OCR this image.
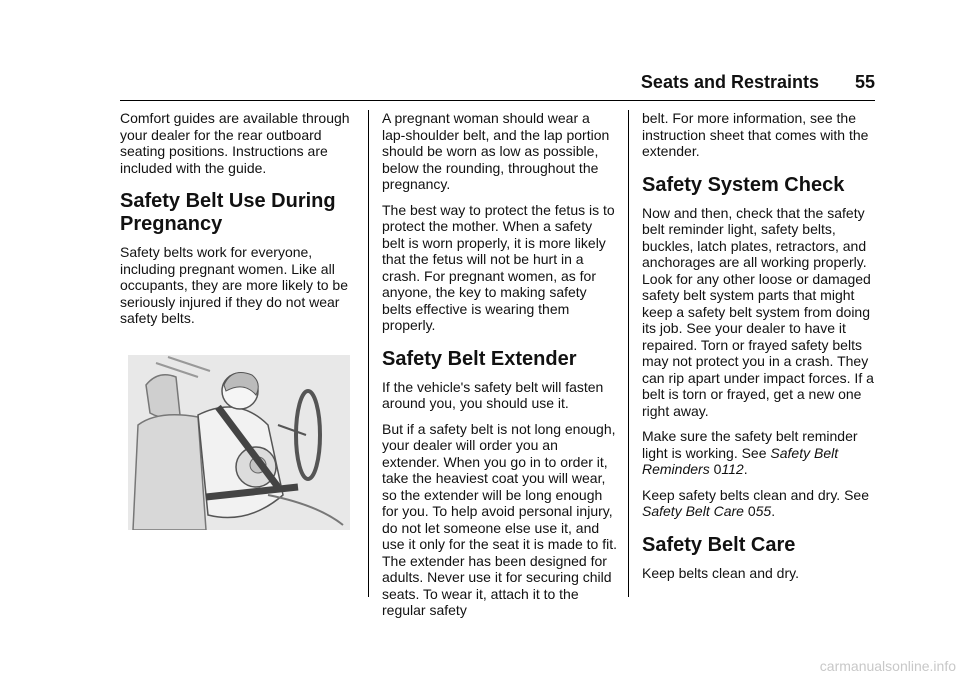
Seats and Restraints 55

Comfort guides are available through your dealer for the rear outboard seating positions. Instructions are included with the guide.

Safety Belt Use During Pregnancy

Safety belts work for everyone, including pregnant women. Like all occupants, they are more likely to be seriously injured if they do not wear safety belts.

A pregnant woman should wear a lap-shoulder belt, and the lap portion should be worn as low as possible, below the rounding, throughout the pregnancy.

The best way to protect the fetus is to protect the mother. When a safety belt is worn properly, it is more likely that the fetus will not be hurt in a crash. For pregnant women, as for anyone, the key to making safety belts effective is wearing them properly.

Safety Belt Extender

If the vehicle's safety belt will fasten around you, you should use it.

But if a safety belt is not long enough, your dealer will order you an extender. When you go in to order it, take the heaviest coat you will wear, so the extender will be long enough for you. To help avoid personal injury, do not let someone else use it, and use it only for the seat it is made to fit. The extender has been designed for adults. Never use it for securing child seats. To wear it, attach it to the regular safety

belt. For more information, see the instruction sheet that comes with the extender.

Safety System Check

Now and then, check that the safety belt reminder light, safety belts, buckles, latch plates, retractors, and anchorages are all working properly. Look for any other loose or damaged safety belt system parts that might keep a safety belt system from doing its job. See your dealer to have it repaired. Torn or frayed safety belts may not protect you in a crash. They can rip apart under impact forces. If a belt is torn or frayed, get a new one right away.

Make sure the safety belt reminder light is working. See Safety Belt Reminders 0112.

Keep safety belts clean and dry. See Safety Belt Care 055.

Safety Belt Care

Keep belts clean and dry.

carmanualsonline.info
